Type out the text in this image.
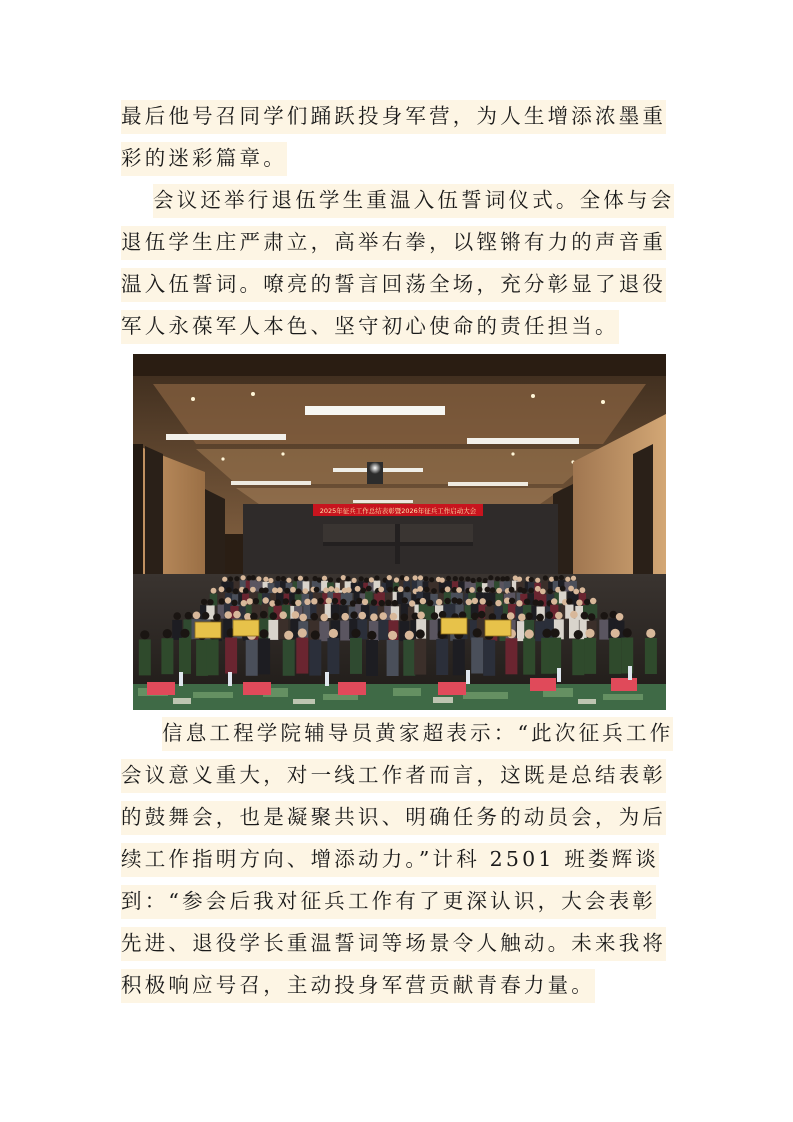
最后他号召同学们踊跃投身军营，为人生增添浓墨重彩的迷彩篇章。

会议还举行退伍学生重温入伍誓词仪式。全体与会退伍学生庄严肃立，高举右拳，以铿锵有力的声音重温入伍誓词。嘹亮的誓言回荡全场，充分彰显了退役军人永葆军人本色、坚守初心使命的责任担当。

2025年征兵工作总结表彰暨2026年征兵工作启动大会

信息工程学院辅导员黄家超表示：“此次征兵工作会议意义重大，对一线工作者而言，这既是总结表彰的鼓舞会，也是凝聚共识、明确任务的动员会，为后续工作指明方向、增添动力。”计科 2501 班娄辉谈到：“参会后我对征兵工作有了更深认识，大会表彰先进、退役学长重温誓词等场景令人触动。未来我将积极响应号召，主动投身军营贡献青春力量。
